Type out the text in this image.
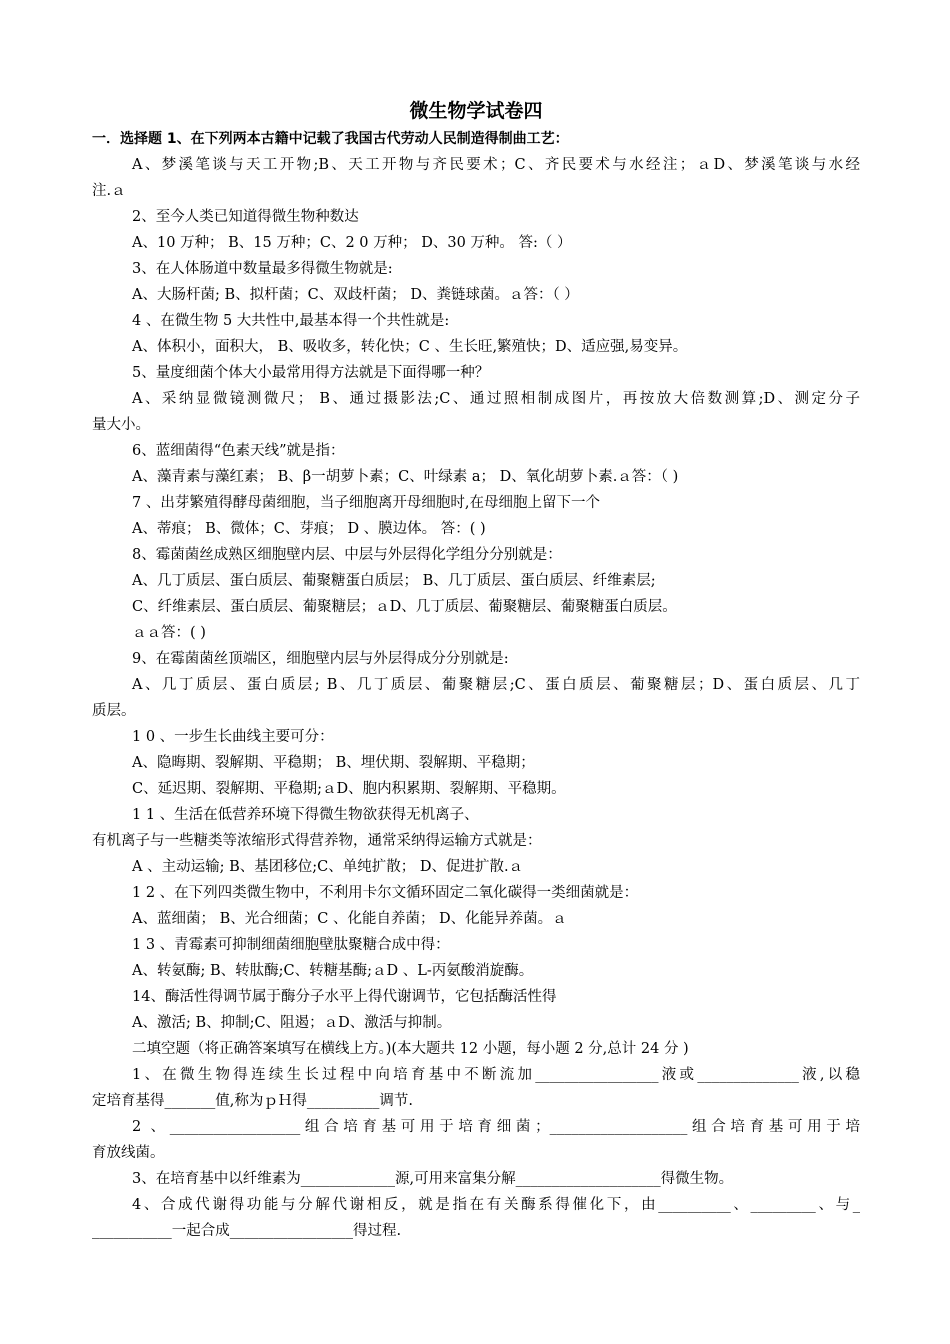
微生物学试卷四
一．选择题 1、在下列两本古籍中记载了我国古代劳动人民制造得制曲工艺：
A、梦溪笔谈与天工开物;B、天工开物与齐民要术；C、齐民要术与水经注；ａD、梦溪笔谈与水经
注.ａ
2、至今人类已知道得微生物种数达
A、10 万种； B、15 万种；C、2 0 万种； D、30 万种。 答:（ ）
3、在人体肠道中数量最多得微生物就是:
A、大肠杆菌; B、拟杆菌；C、双歧杆菌； D、粪链球菌。ａ答：（ ）
4 、在微生物 5 大共性中,最基本得一个共性就是:
A、体积小，面积大， B、吸收多，转化快；C 、生长旺,繁殖快；D、适应强,易变异。
5、量度细菌个体大小最常用得方法就是下面得哪一种？
A、采纳显微镜测微尺； B、通过摄影法;C、通过照相制成图片，再按放大倍数测算;D、测定分子
量大小。
6、蓝细菌得“色素天线”就是指：
A、藻青素与藻红素； B、β一胡萝卜素；C、叶绿素 a； D、氧化胡萝卜素.ａ答：（ )
7 、出芽繁殖得酵母菌细胞，当子细胞离开母细胞时,在母细胞上留下一个
A、蒂痕； B、微体；C、芽痕； D 、膜边体。 答：( )
8、霉菌菌丝成熟区细胞壁内层、中层与外层得化学组分分别就是：
A、几丁质层、蛋白质层、葡聚糖蛋白质层； B、几丁质层、蛋白质层、纤维素层;
C、纤维素层、蛋白质层、葡聚糖层；ａD、几丁质层、葡聚糖层、葡聚糖蛋白质层。
ａａ答：( )
9、在霉菌菌丝顶端区，细胞壁内层与外层得成分分别就是:
A、几丁质层、蛋白质层; B、几丁质层、葡聚糖层;C、蛋白质层、葡聚糖层；D、蛋白质层、几丁
质层。
1 0 、一步生长曲线主要可分：
A、隐晦期、裂解期、平稳期； B、埋伏期、裂解期、平稳期；
C、延迟期、裂解期、平稳期;ａD、胞内积累期、裂解期、平稳期。
1 1 、生活在低营养环境下得微生物欲获得无机离子、
有机离子与一些糖类等浓缩形式得营养物，通常采纳得运输方式就是：
A 、主动运输; B、基团移位;C、单纯扩散； D、促进扩散.ａ
1 2 、在下列四类微生物中，不利用卡尔文循环固定二氧化碳得一类细菌就是：
A、蓝细菌； B、光合细菌；C 、化能自养菌； D、化能异养菌。ａ
1 3 、青霉素可抑制细菌细胞壁肽聚糖合成中得：
A、转氨酶; B、转肽酶;C、转糖基酶;ａD 、L-丙氨酸消旋酶。
14、酶活性得调节属于酶分子水平上得代谢调节，它包括酶活性得
A、激活; B、抑制;C、阻遏；ａD、激活与抑制。
二填空题（将正确答案填写在横线上方。)(本大题共 12 小题，每小题 2 分,总计 24 分 )
1、在微生物得连续生长过程中向培育基中不断流加_________________液或______________液,以稳
定培育基得_______值,称为ｐＨ得__________调节.
2 、__________________组合培育基可用于培育细菌；___________________组合培育基可用于培
育放线菌。
3、在培育基中以纤维素为_____________源,可用来富集分解____________________得微生物。
4、合成代谢得功能与分解代谢相反，就是指在有关酶系得催化下，由__________、_________、与_
___________一起合成_________________得过程.
